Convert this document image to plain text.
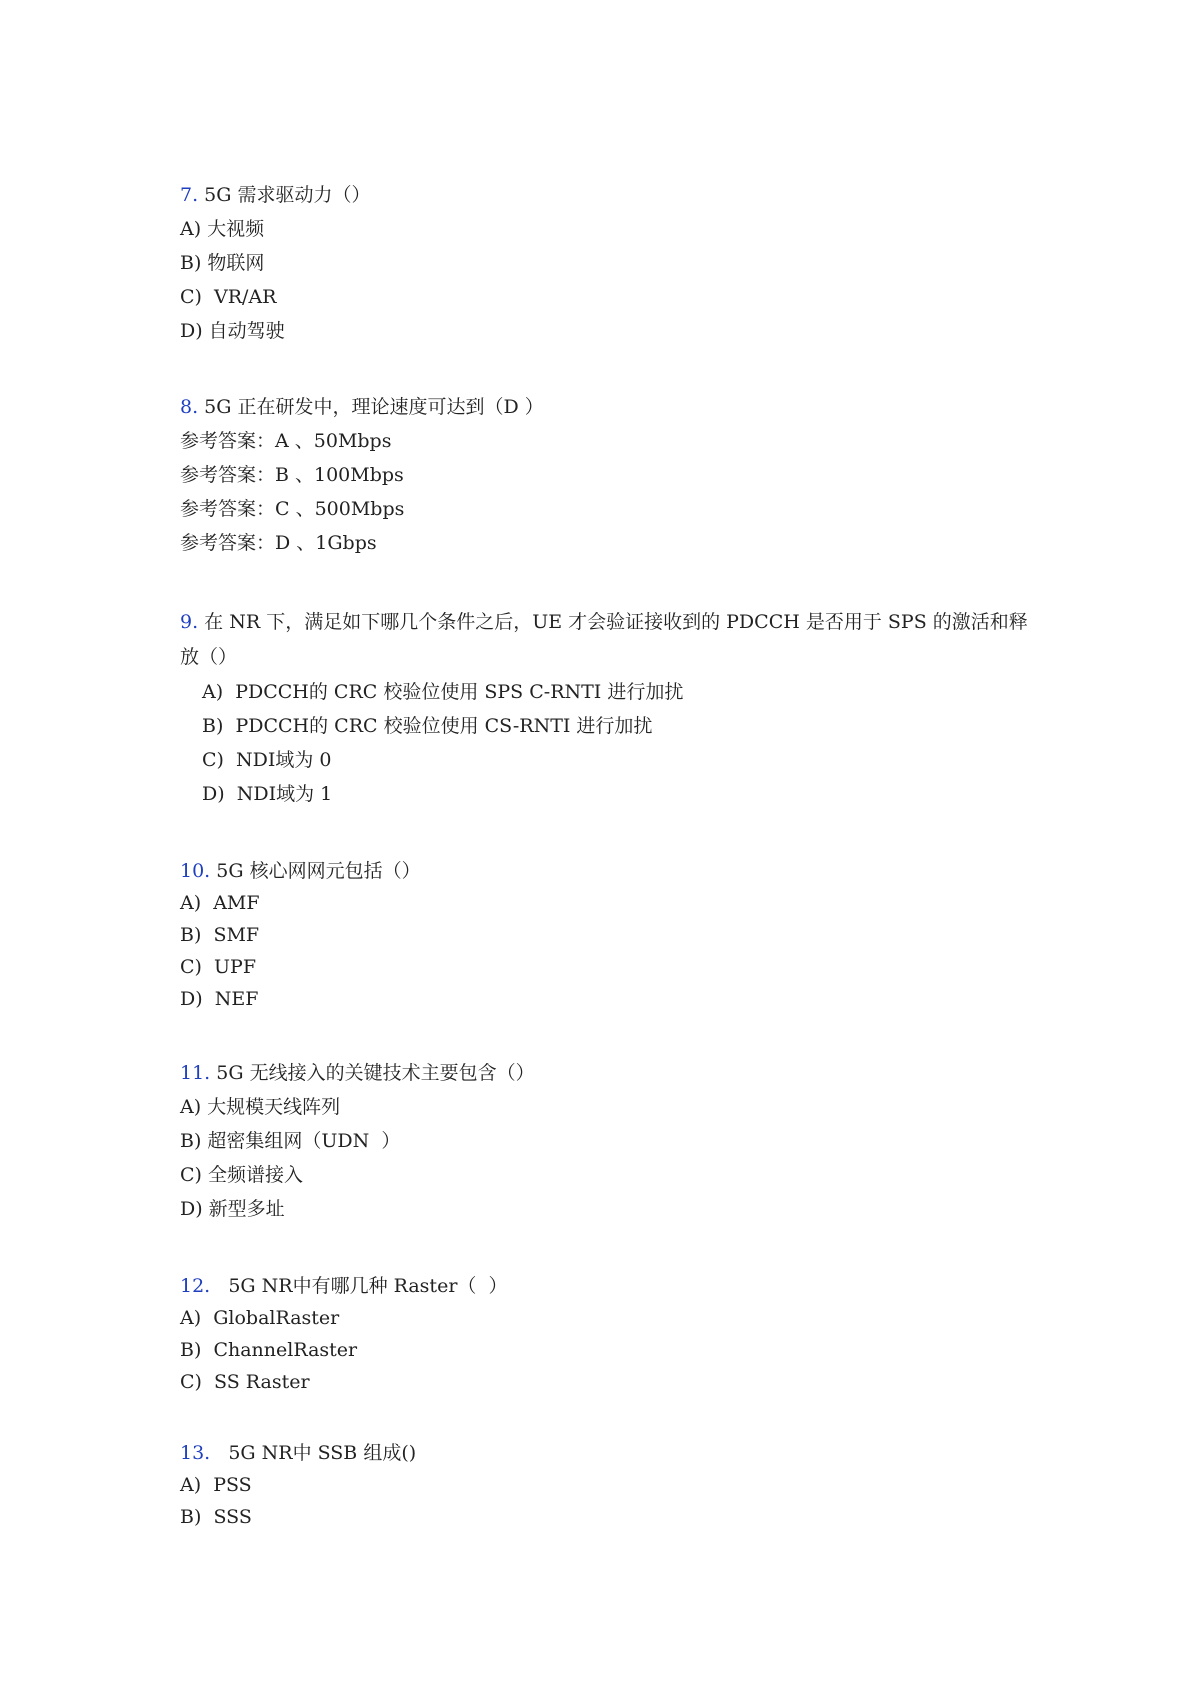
7. 5G 需求驱动力（）
A) 大视频
B) 物联网
C)  VR/AR
D) 自动驾驶
8. 5G 正在研发中，理论速度可达到（D ）
参考答案：A 、50Mbps
参考答案：B 、100Mbps
参考答案：C 、500Mbps
参考答案：D 、1Gbps
9. 在 NR 下，满足如下哪几个条件之后，UE 才会验证接收到的 PDCCH 是否用于 SPS 的激活和释放（）
A)  PDCCH的 CRC 校验位使用 SPS C-RNTI 进行加扰
B)  PDCCH的 CRC 校验位使用 CS-RNTI 进行加扰
C)  NDI域为 0
D)  NDI域为 1
10. 5G 核心网网元包括（）
A)  AMF
B)  SMF
C)  UPF
D)  NEF
11. 5G 无线接入的关键技术主要包含（）
A) 大规模天线阵列
B) 超密集组网（UDN  ）
C) 全频谱接入
D) 新型多址
12.   5G NR中有哪几种 Raster（  ）
A)  GlobalRaster
B)  ChannelRaster
C)  SS Raster
13.   5G NR中 SSB 组成()
A)  PSS
B)  SSS
